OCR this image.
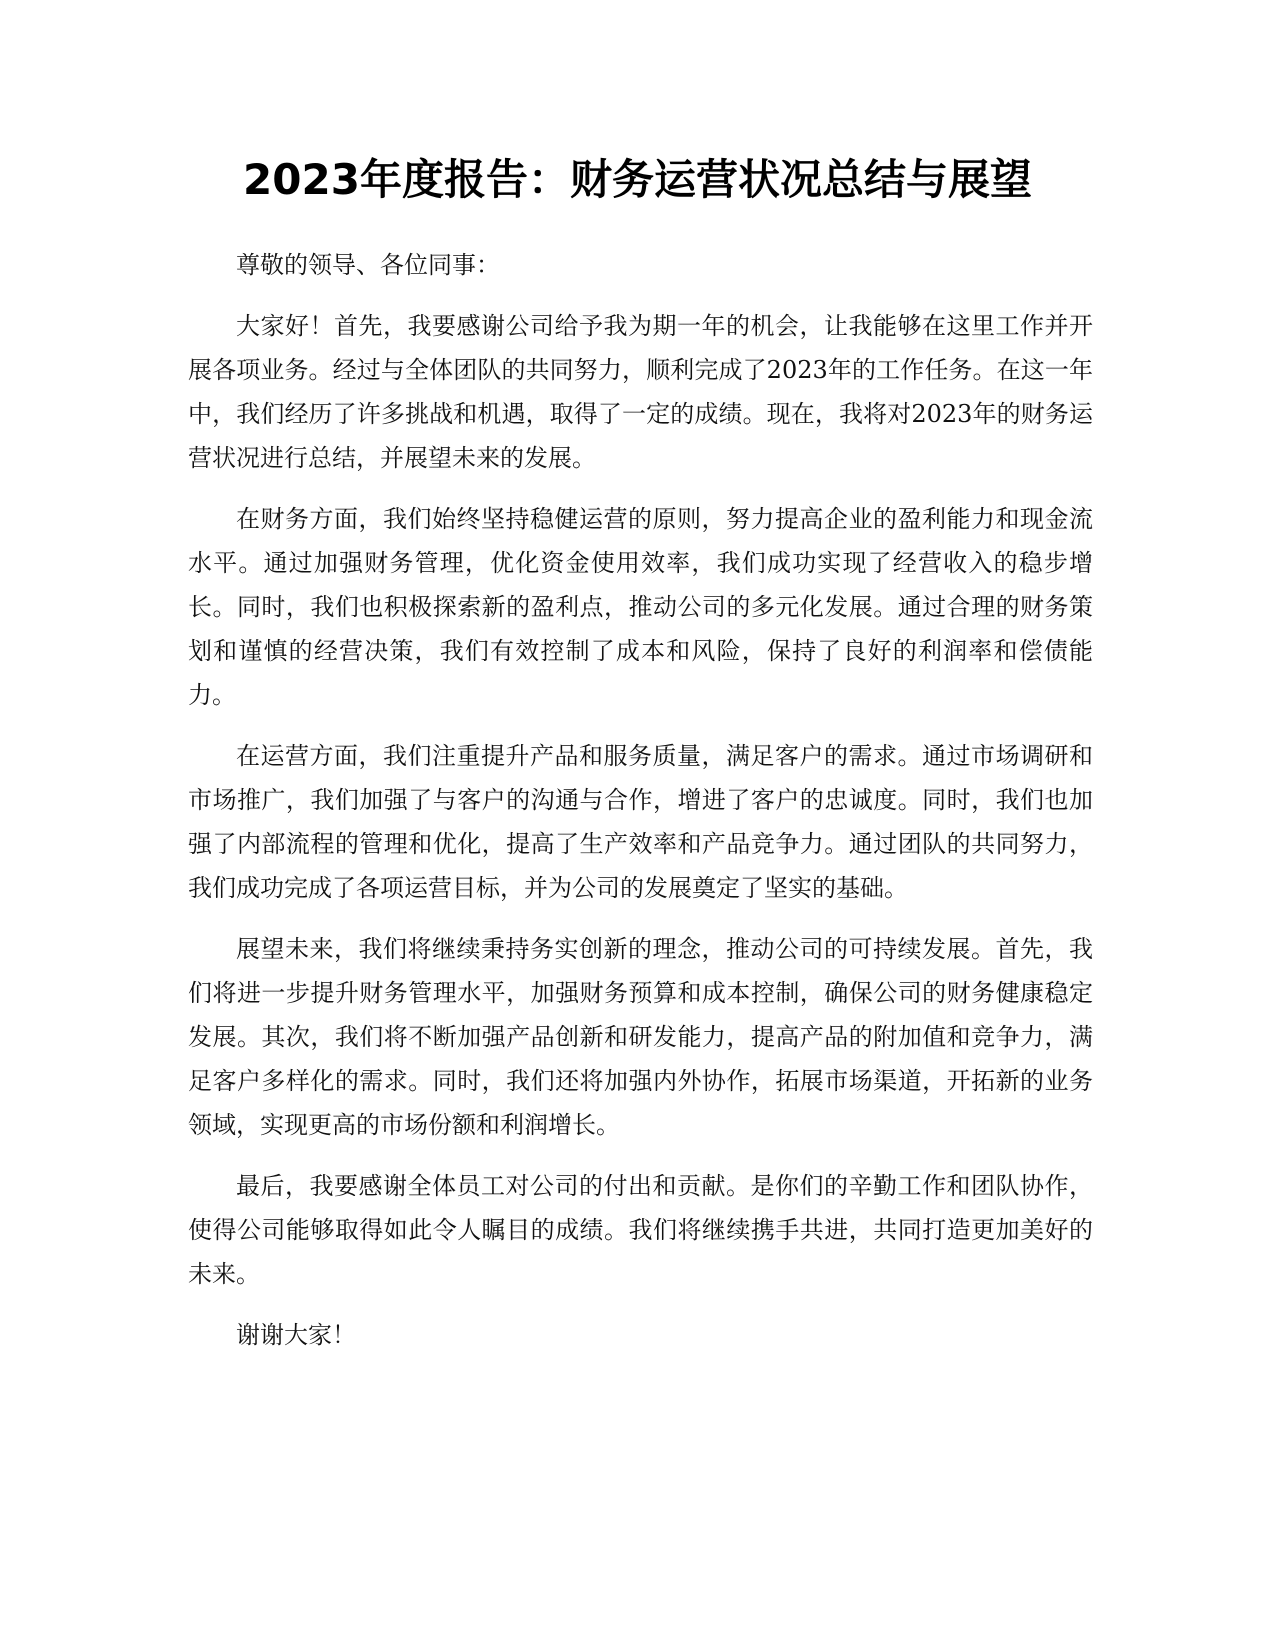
2023年度报告：财务运营状况总结与展望

尊敬的领导、各位同事：

大家好！首先，我要感谢公司给予我为期一年的机会，让我能够在这里工作并开展各项业务。经过与全体团队的共同努力，顺利完成了2023年的工作任务。在这一年中，我们经历了许多挑战和机遇，取得了一定的成绩。现在，我将对2023年的财务运营状况进行总结，并展望未来的发展。

在财务方面，我们始终坚持稳健运营的原则，努力提高企业的盈利能力和现金流水平。通过加强财务管理，优化资金使用效率，我们成功实现了经营收入的稳步增长。同时，我们也积极探索新的盈利点，推动公司的多元化发展。通过合理的财务策划和谨慎的经营决策，我们有效控制了成本和风险，保持了良好的利润率和偿债能力。

在运营方面，我们注重提升产品和服务质量，满足客户的需求。通过市场调研和市场推广，我们加强了与客户的沟通与合作，增进了客户的忠诚度。同时，我们也加强了内部流程的管理和优化，提高了生产效率和产品竞争力。通过团队的共同努力，我们成功完成了各项运营目标，并为公司的发展奠定了坚实的基础。

展望未来，我们将继续秉持务实创新的理念，推动公司的可持续发展。首先，我们将进一步提升财务管理水平，加强财务预算和成本控制，确保公司的财务健康稳定发展。其次，我们将不断加强产品创新和研发能力，提高产品的附加值和竞争力，满足客户多样化的需求。同时，我们还将加强内外协作，拓展市场渠道，开拓新的业务领域，实现更高的市场份额和利润增长。

最后，我要感谢全体员工对公司的付出和贡献。是你们的辛勤工作和团队协作，使得公司能够取得如此令人瞩目的成绩。我们将继续携手共进，共同打造更加美好的未来。

谢谢大家！
